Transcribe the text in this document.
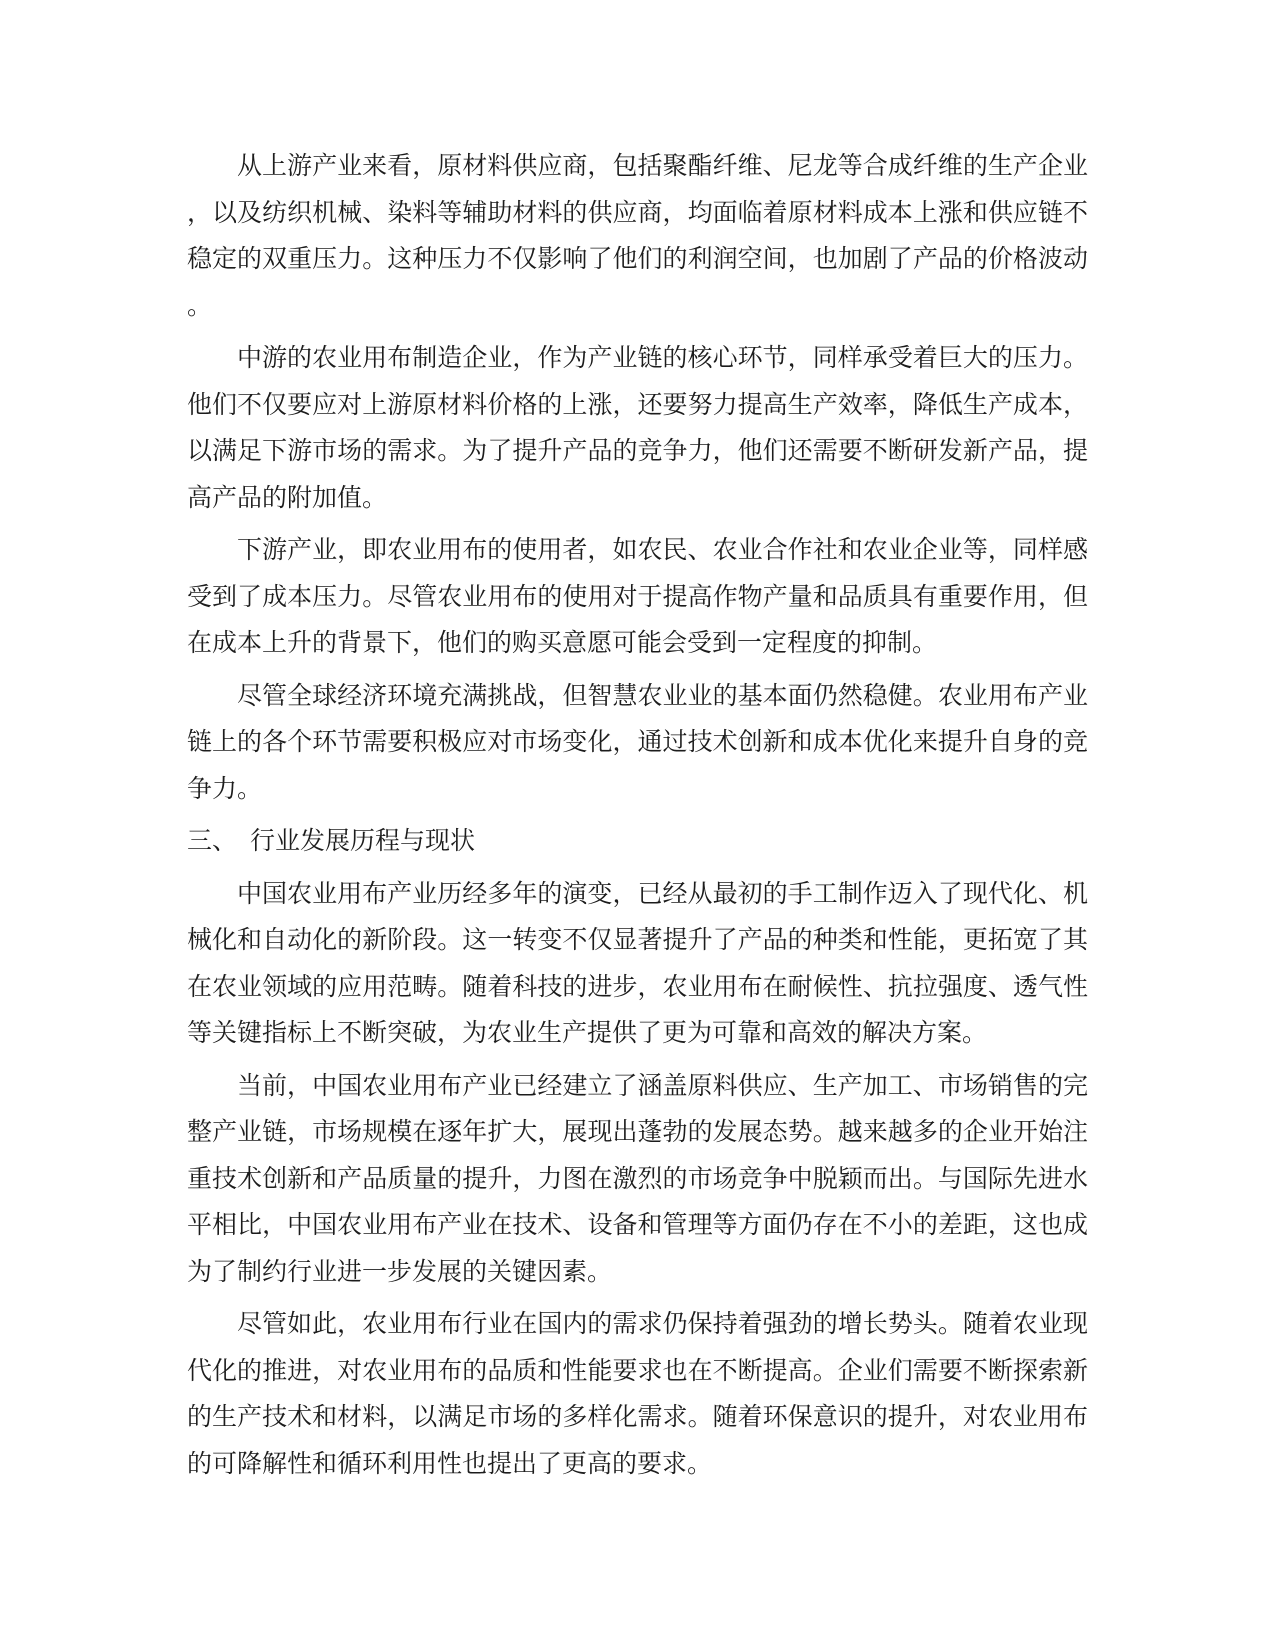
从上游产业来看，原材料供应商，包括聚酯纤维、尼龙等合成纤维的生产企业，以及纺织机械、染料等辅助材料的供应商，均面临着原材料成本上涨和供应链不稳定的双重压力。这种压力不仅影响了他们的利润空间，也加剧了产品的价格波动。

中游的农业用布制造企业，作为产业链的核心环节，同样承受着巨大的压力。他们不仅要应对上游原材料价格的上涨，还要努力提高生产效率，降低生产成本，以满足下游市场的需求。为了提升产品的竞争力，他们还需要不断研发新产品，提高产品的附加值。

下游产业，即农业用布的使用者，如农民、农业合作社和农业企业等，同样感受到了成本压力。尽管农业用布的使用对于提高作物产量和品质具有重要作用，但在成本上升的背景下，他们的购买意愿可能会受到一定程度的抑制。

尽管全球经济环境充满挑战，但智慧农业业的基本面仍然稳健。农业用布产业链上的各个环节需要积极应对市场变化，通过技术创新和成本优化来提升自身的竞争力。

三、 行业发展历程与现状

中国农业用布产业历经多年的演变，已经从最初的手工制作迈入了现代化、机械化和自动化的新阶段。这一转变不仅显著提升了产品的种类和性能，更拓宽了其在农业领域的应用范畴。随着科技的进步，农业用布在耐候性、抗拉强度、透气性等关键指标上不断突破，为农业生产提供了更为可靠和高效的解决方案。

当前，中国农业用布产业已经建立了涵盖原料供应、生产加工、市场销售的完整产业链，市场规模在逐年扩大，展现出蓬勃的发展态势。越来越多的企业开始注重技术创新和产品质量的提升，力图在激烈的市场竞争中脱颖而出。与国际先进水平相比，中国农业用布产业在技术、设备和管理等方面仍存在不小的差距，这也成为了制约行业进一步发展的关键因素。

尽管如此，农业用布行业在国内的需求仍保持着强劲的增长势头。随着农业现代化的推进，对农业用布的品质和性能要求也在不断提高。企业们需要不断探索新的生产技术和材料，以满足市场的多样化需求。随着环保意识的提升，对农业用布的可降解性和循环利用性也提出了更高的要求。
